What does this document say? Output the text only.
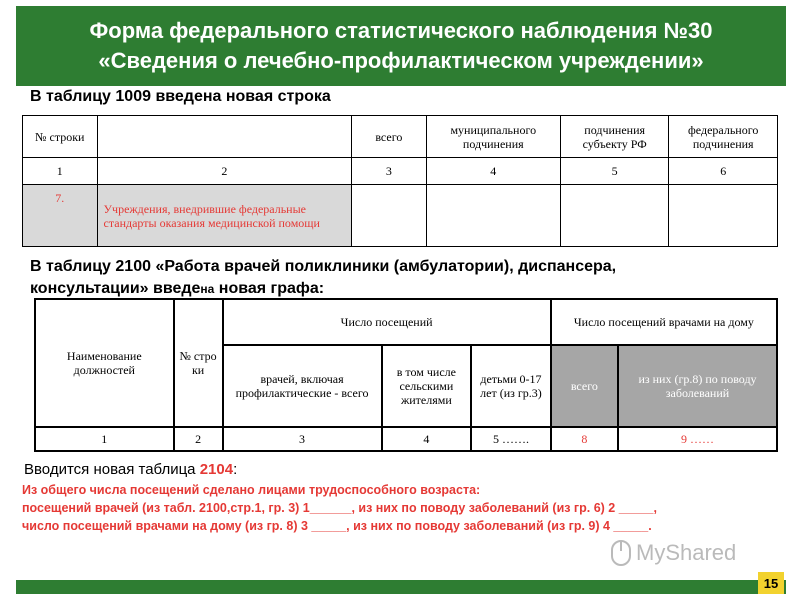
Форма федерального статистического наблюдения №30
«Сведения о лечебно-профилактическом учреждении»
В таблицу 1009 введена новая строка
№ строки		всего	муниципального подчинения	подчинения субъекту РФ	федерального подчинения
1	2	3	4	5	6
7.	Учреждения, внедрившие федеральные стандарты оказания медицинской помощи				
В таблицу 2100 «Работа врачей поликлиники (амбулатории), диспансера,
консультации» введена новая графа:
Наименование должностей	№ стро ки	Число посещений			Число посещений врачами на дому	
		врачей, включая профилактические - всего	в том числе сельскими жителями	детьми 0-17 лет (из гр.3)	всего	из них (гр.8) по поводу заболеваний
1	2	3	4	5 …….	8	9 ……
Вводится новая таблица 2104:

Из общего числа посещений сделано лицами трудоспособного возраста:

посещений врачей (из табл. 2100,стр.1, гр. 3) 1______, из них по поводу заболеваний (из гр. 6) 2 _____,

число посещений врачами на дому (из гр. 8) 3 _____, из них по поводу заболеваний (из гр. 9) 4 _____.

MyShared
15
